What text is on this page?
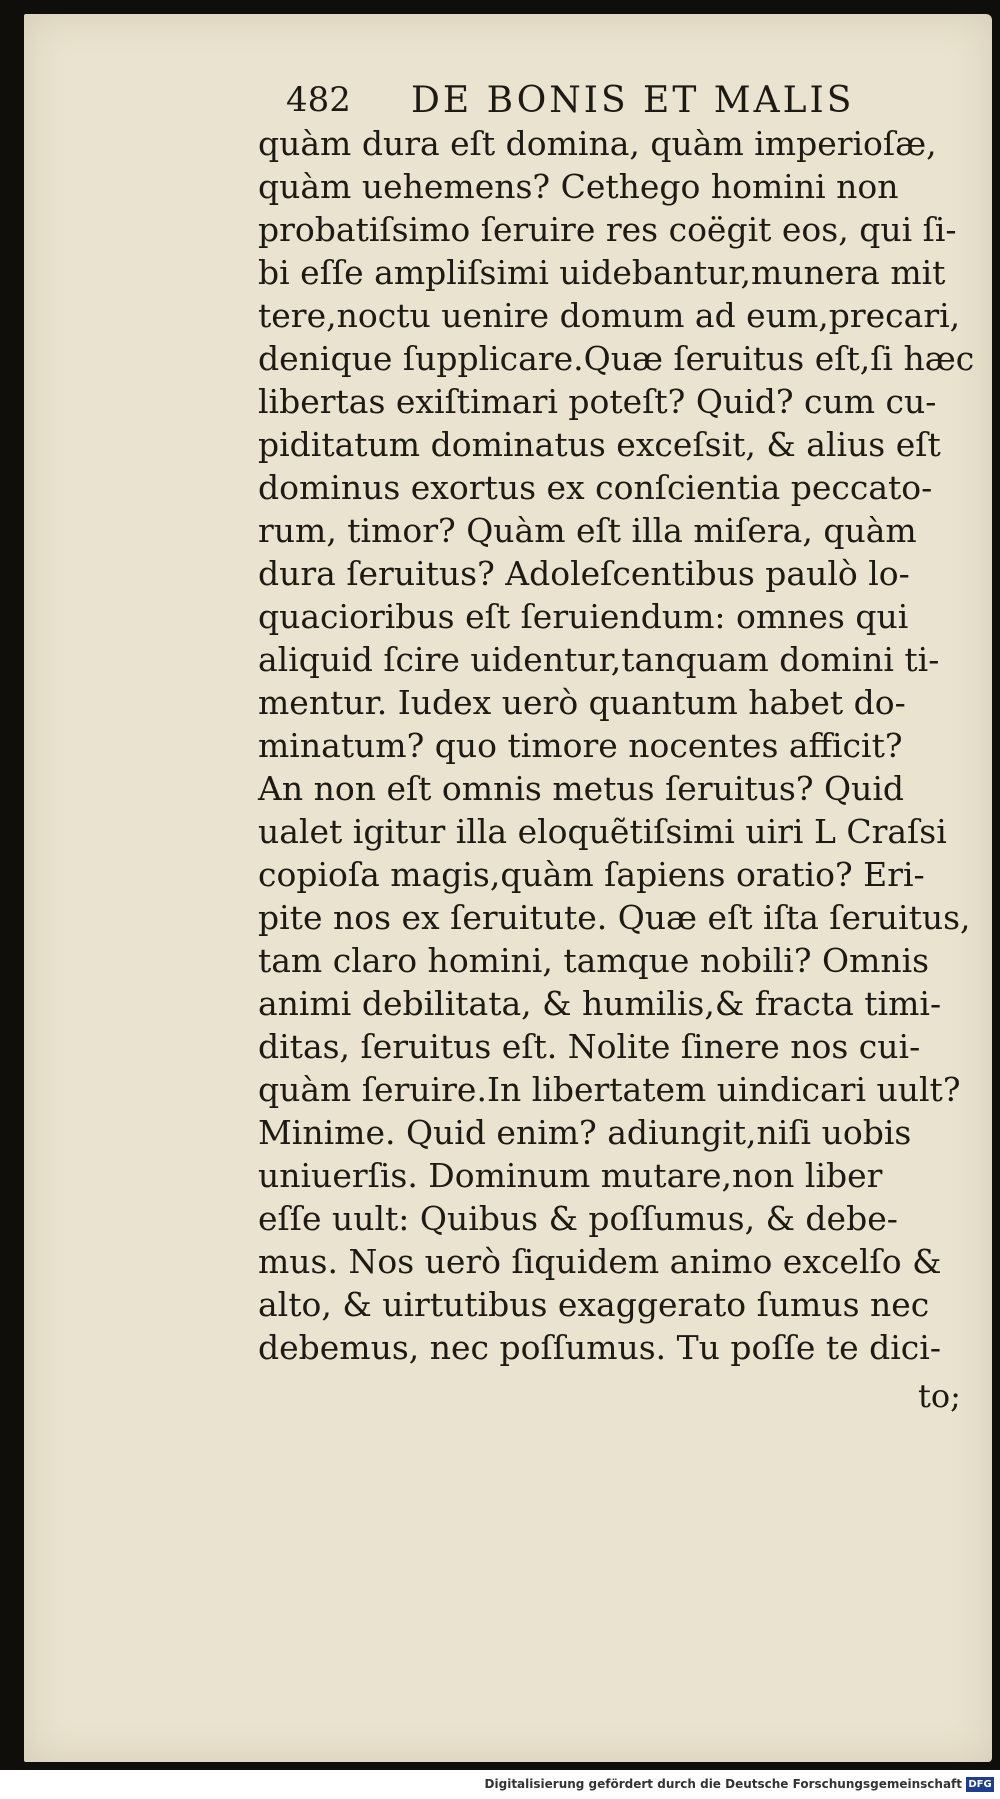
482 DE BONIS ET MALIS
quàm dura eſt domina, quàm imperioſæ,
quàm uehemens? Cethego homini non
probatiſsimo ſeruire res coëgit eos, qui ſi-
bi eſſe ampliſsimi uidebantur,munera mit
tere,noctu uenire domum ad eum,precari,
denique ſupplicare.Quæ ſeruitus eſt,ſi hæc
libertas exiſtimari poteſt? Quid? cum cu-
piditatum dominatus exceſsit, & alius eſt
dominus exortus ex conſcientia peccato-
rum, timor? Quàm eſt illa miſera, quàm
dura ſeruitus? Adoleſcentibus paulò lo-
quacioribus eſt ſeruiendum: omnes qui
aliquid ſcire uidentur,tanquam domini ti-
mentur. Iudex uerò quantum habet do-
minatum? quo timore nocentes afficit?
An non eſt omnis metus ſeruitus? Quid
ualet igitur illa eloquẽtiſsimi uiri L Craſsi
copioſa magis,quàm ſapiens oratio? Eri-
pite nos ex ſeruitute. Quæ eſt iſta ſeruitus,
tam claro homini, tamque nobili? Omnis
animi debilitata, & humilis,& fracta timi-
ditas, ſeruitus eſt. Nolite ſinere nos cui-
quàm ſeruire.In libertatem uindicari uult?
Minime. Quid enim? adiungit,niſi uobis
uniuerſis. Dominum mutare,non liber
eſſe uult: Quibus & poſſumus, & debe-
mus. Nos uerò ſiquidem animo excelſo &
alto, & uirtutibus exaggerato ſumus nec
debemus, nec poſſumus. Tu poſſe te dici-
to;
Digitalisierung gefördert durch die Deutsche Forschungsgemeinschaft DFG
